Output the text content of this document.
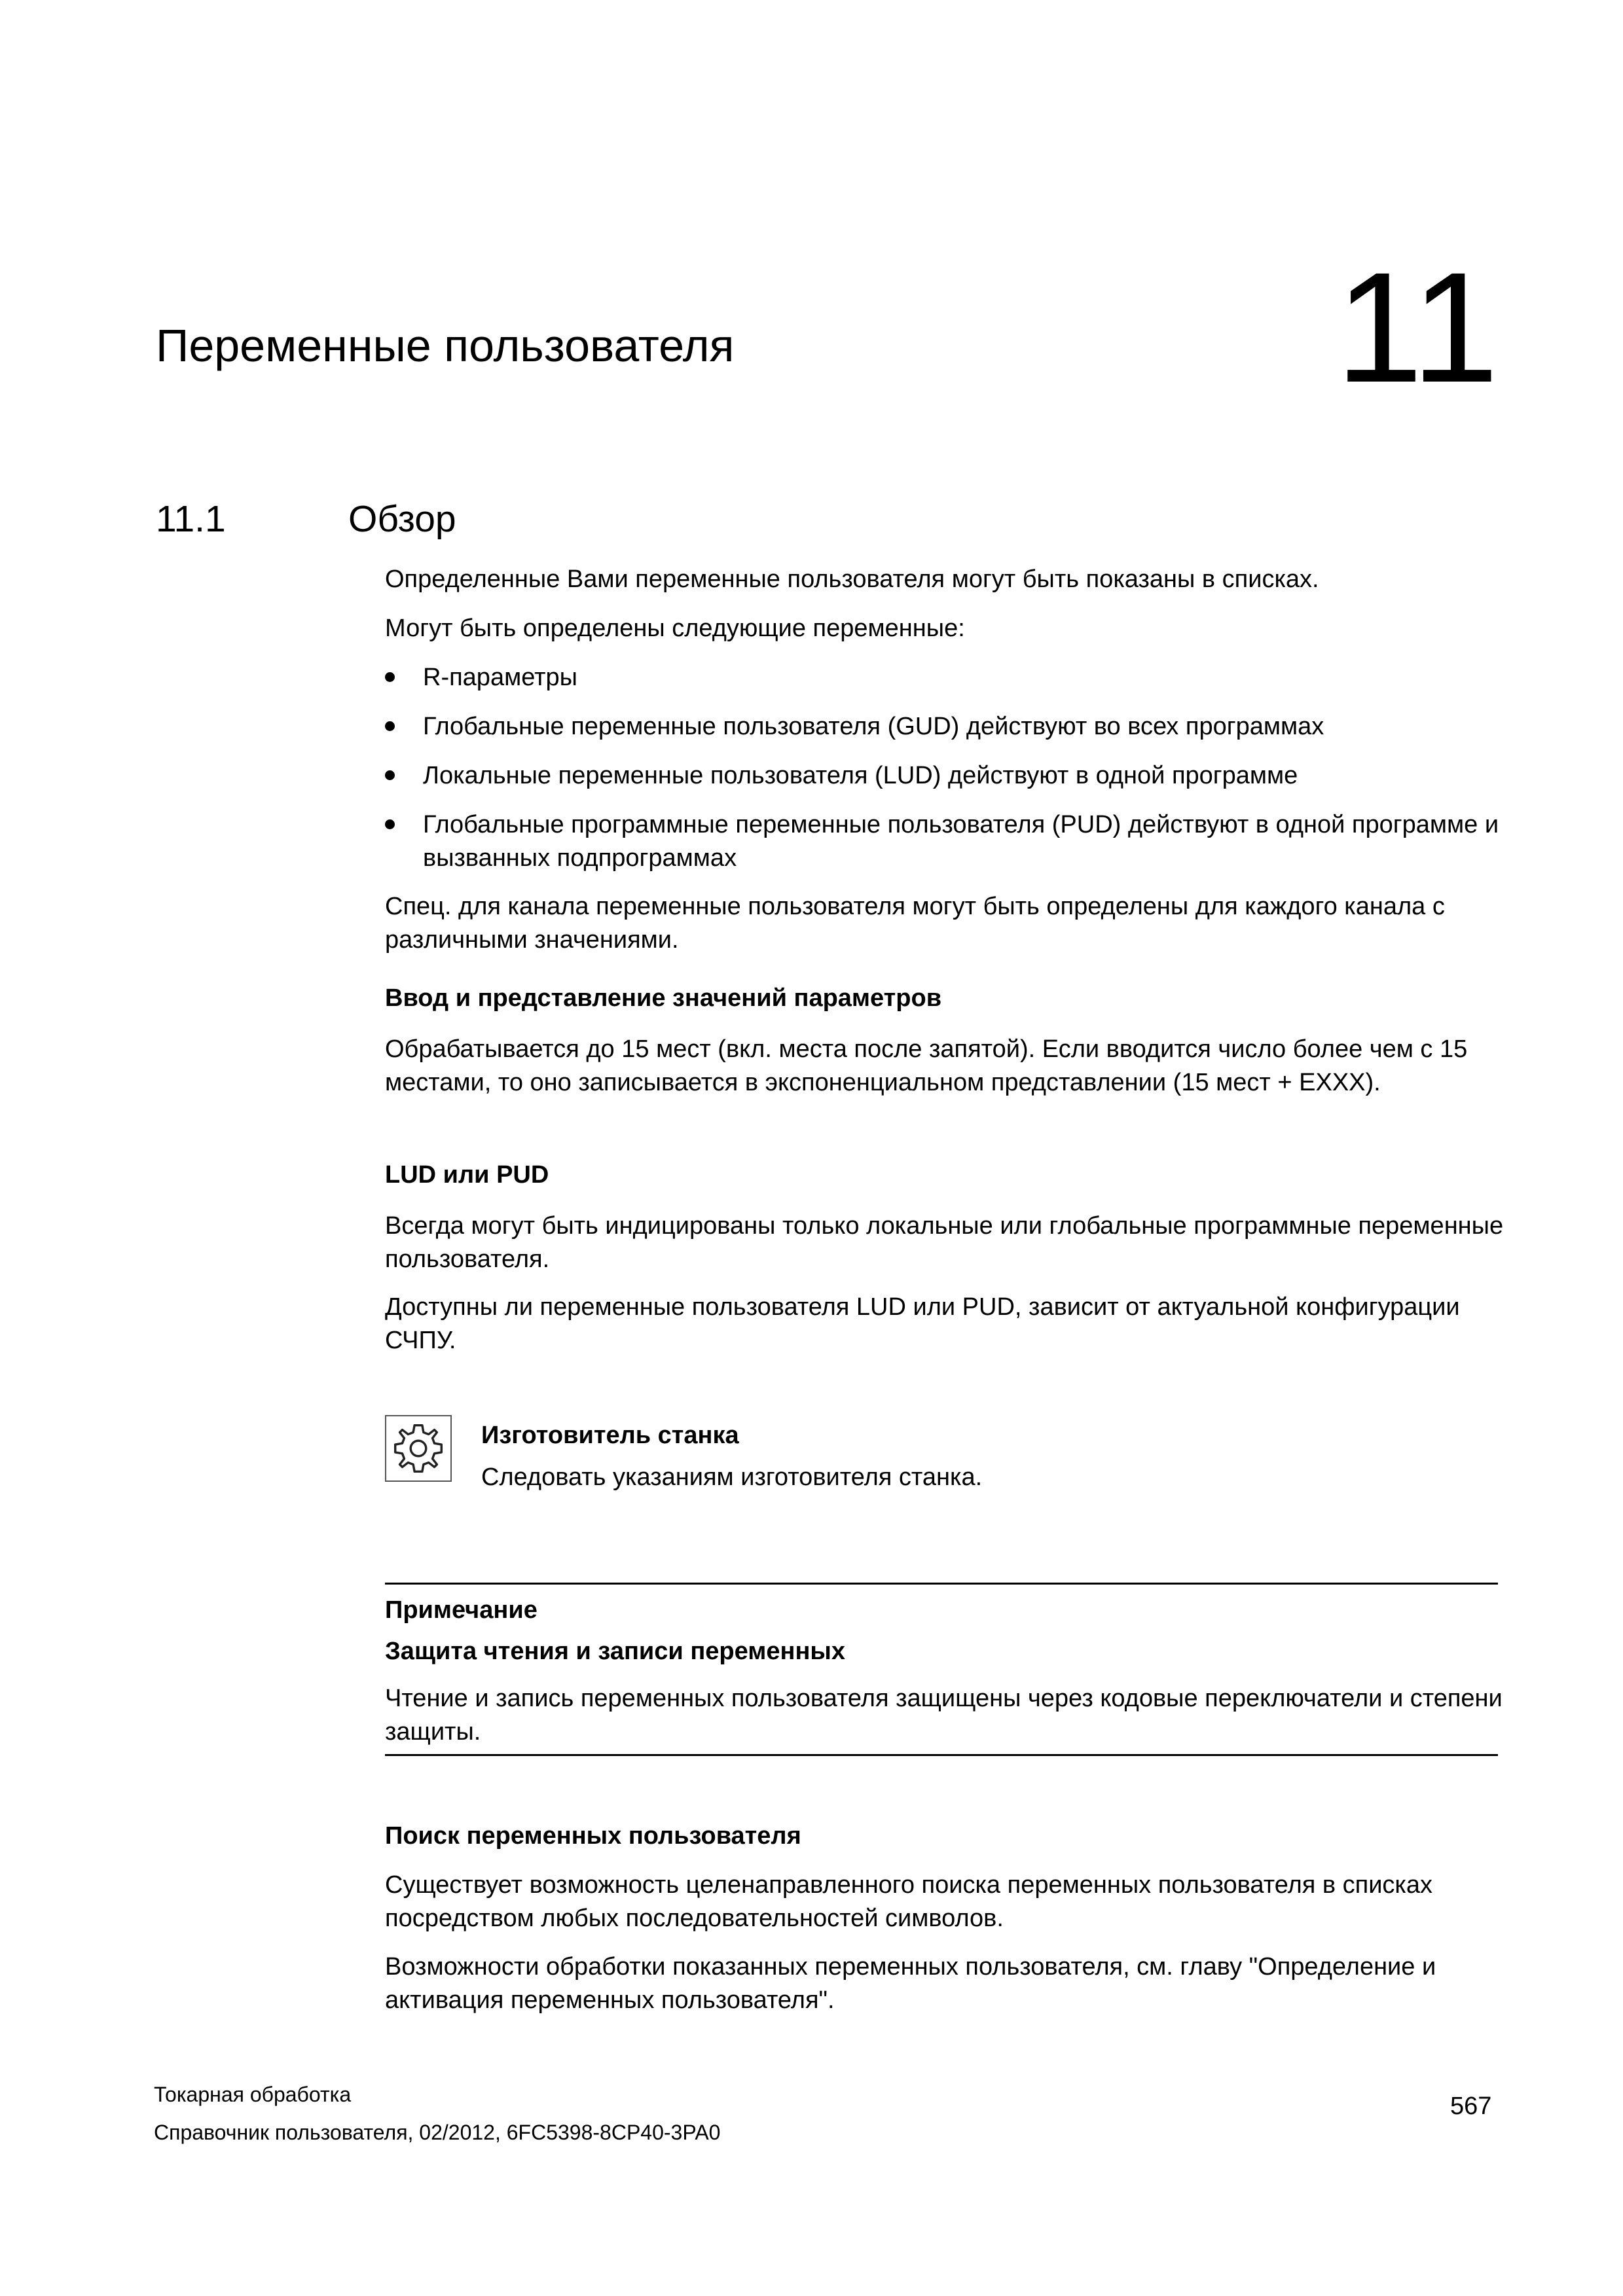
Переменные пользователя	11
11.1	Обзор

Определенные Вами переменные пользователя могут быть показаны в списках.

Могут быть определены следующие переменные:

R-параметры
Глобальные переменные пользователя (GUD) действуют во всех программах
Локальные переменные пользователя (LUD) действуют в одной программе
Глобальные программные переменные пользователя (PUD) действуют в одной программе и вызванных подпрограммах

Спец. для канала переменные пользователя могут быть определены для каждого канала с различными значениями.

Ввод и представление значений параметров

Обрабатывается до 15 мест (вкл. места после запятой). Если вводится число более чем с 15 местами, то оно записывается в экспоненциальном представлении (15 мест + EXXX).

LUD или PUD

Всегда могут быть индицированы только локальные или глобальные программные переменные пользователя.

Доступны ли переменные пользователя LUD или PUD, зависит от актуальной конфигурации СЧПУ.

Изготовитель станка

Следовать указаниям изготовителя станка.

Примечание
Защита чтения и записи переменных

Чтение и запись переменных пользователя защищены через кодовые переключатели и степени защиты.

Поиск переменных пользователя

Существует возможность целенаправленного поиска переменных пользователя в списках посредством любых последовательностей символов.

Возможности обработки показанных переменных пользователя, см. главу "Определение и активация переменных пользователя".

Токарная обработка
Справочник пользователя, 02/2012, 6FC5398-8CP40-3PA0
567
